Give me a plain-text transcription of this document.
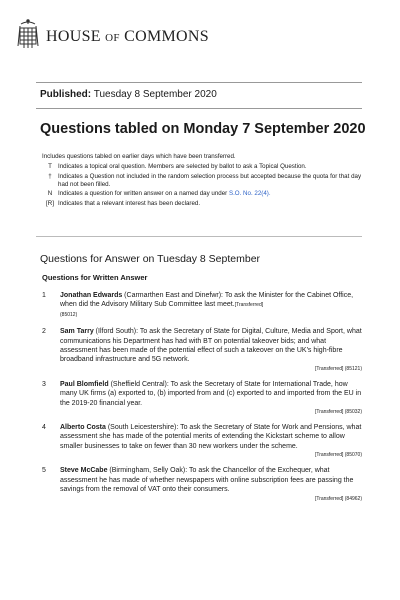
HOUSE OF COMMONS
Published: Tuesday 8 September 2020
Questions tabled on Monday 7 September 2020
Includes questions tabled on earlier days which have been transferred.
T Indicates a topical oral question. Members are selected by ballot to ask a Topical Question.
†	Indicates a Question not included in the random selection process but accepted because the quota for that day had not been filled.
N Indicates a question for written answer on a named day under S.O. No. 22(4).
[R] Indicates that a relevant interest has been declared.
Questions for Answer on Tuesday 8 September
Questions for Written Answer
1 Jonathan Edwards (Carmarthen East and Dinefwr): To ask the Minister for the Cabinet Office, when did the Advisory Military Sub Committee last meet.[Transferred]
(85012)
2 Sam Tarry (Ilford South): To ask the Secretary of State for Digital, Culture, Media and Sport, what communications his Department has had with BT on potential takeover bids; and what assessment has been made of the potential effect of such a takeover on the UK's high-fibre broadband infrastructure and 5G network.
[Transferred] (85121)
3 Paul Blomfield (Sheffield Central): To ask the Secretary of State for International Trade, how many UK firms (a) exported to, (b) imported from and (c) exported to and imported from the EU in the 2019-20 financial year.
[Transferred] (85032)
4 Alberto Costa (South Leicestershire): To ask the Secretary of State for Work and Pensions, what assessment she has made of the potential merits of extending the Kickstart scheme to allow smaller businesses to take on fewer than 30 new workers under the scheme.
[Transferred] (85070)
5 Steve McCabe (Birmingham, Selly Oak): To ask the Chancellor of the Exchequer, what assessment he has made of whether newspapers with online subscription fees are passing the savings from the removal of VAT onto their consumers.
[Transferred] (84962)
